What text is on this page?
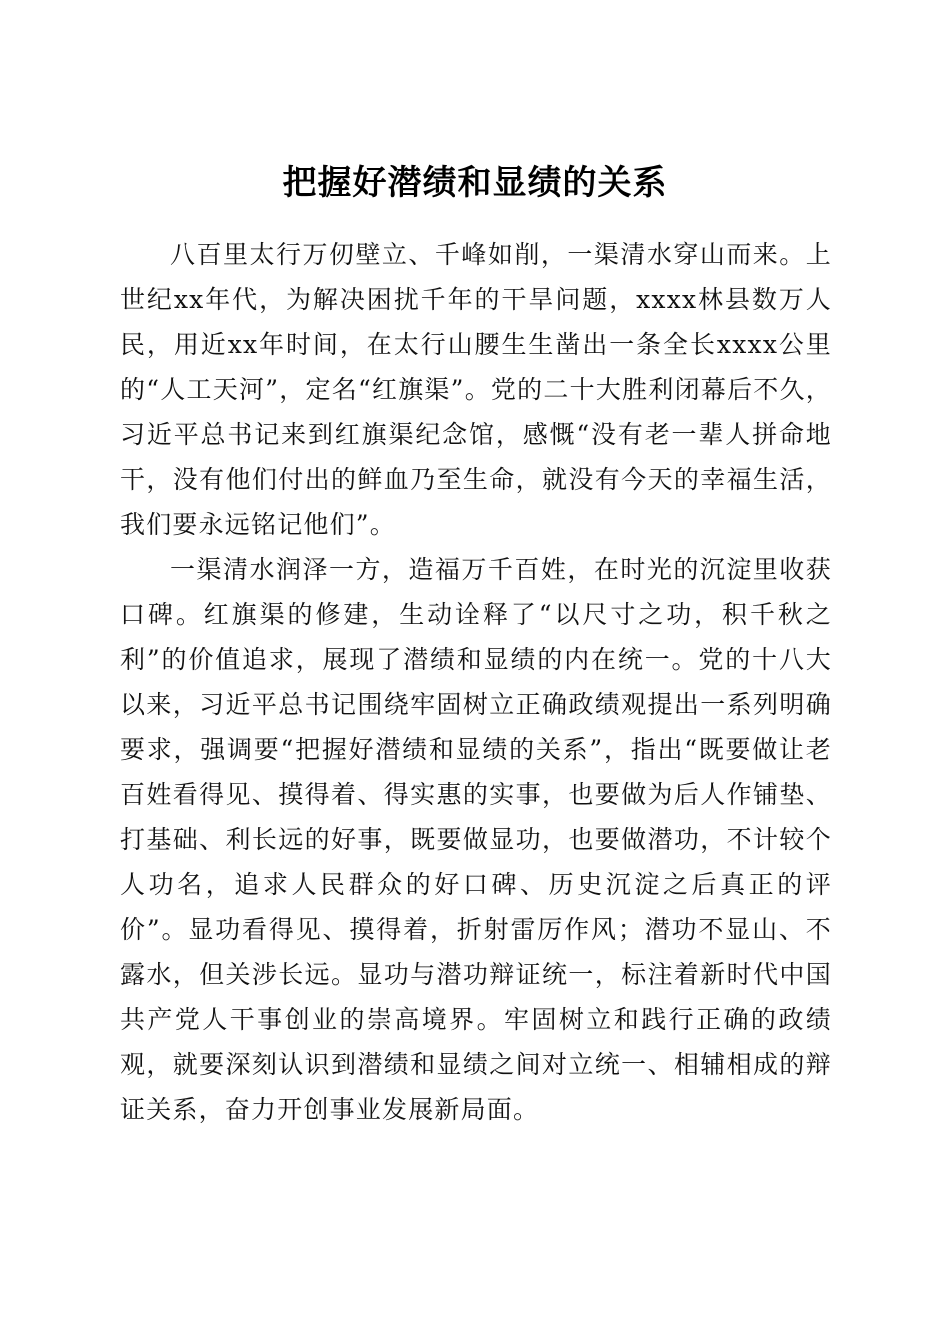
把握好潜绩和显绩的关系

八百里太行万仞壁立、千峰如削，一渠清水穿山而来。上世纪xx年代，为解决困扰千年的干旱问题，xxxx林县数万人民，用近xx年时间，在太行山腰生生凿出一条全长xxxx公里的“人工天河”，定名“红旗渠”。党的二十大胜利闭幕后不久，习近平总书记来到红旗渠纪念馆，感慨“没有老一辈人拼命地干，没有他们付出的鲜血乃至生命，就没有今天的幸福生活，我们要永远铭记他们”。

一渠清水润泽一方，造福万千百姓，在时光的沉淀里收获口碑。红旗渠的修建，生动诠释了“以尺寸之功，积千秋之利”的价值追求，展现了潜绩和显绩的内在统一。党的十八大以来，习近平总书记围绕牢固树立正确政绩观提出一系列明确要求，强调要“把握好潜绩和显绩的关系”，指出“既要做让老百姓看得见、摸得着、得实惠的实事，也要做为后人作铺垫、打基础、利长远的好事，既要做显功，也要做潜功，不计较个人功名，追求人民群众的好口碑、历史沉淀之后真正的评价”。显功看得见、摸得着，折射雷厉作风；潜功不显山、不露水，但关涉长远。显功与潜功辩证统一，标注着新时代中国共产党人干事创业的崇高境界。牢固树立和践行正确的政绩观，就要深刻认识到潜绩和显绩之间对立统一、相辅相成的辩证关系，奋力开创事业发展新局面。
